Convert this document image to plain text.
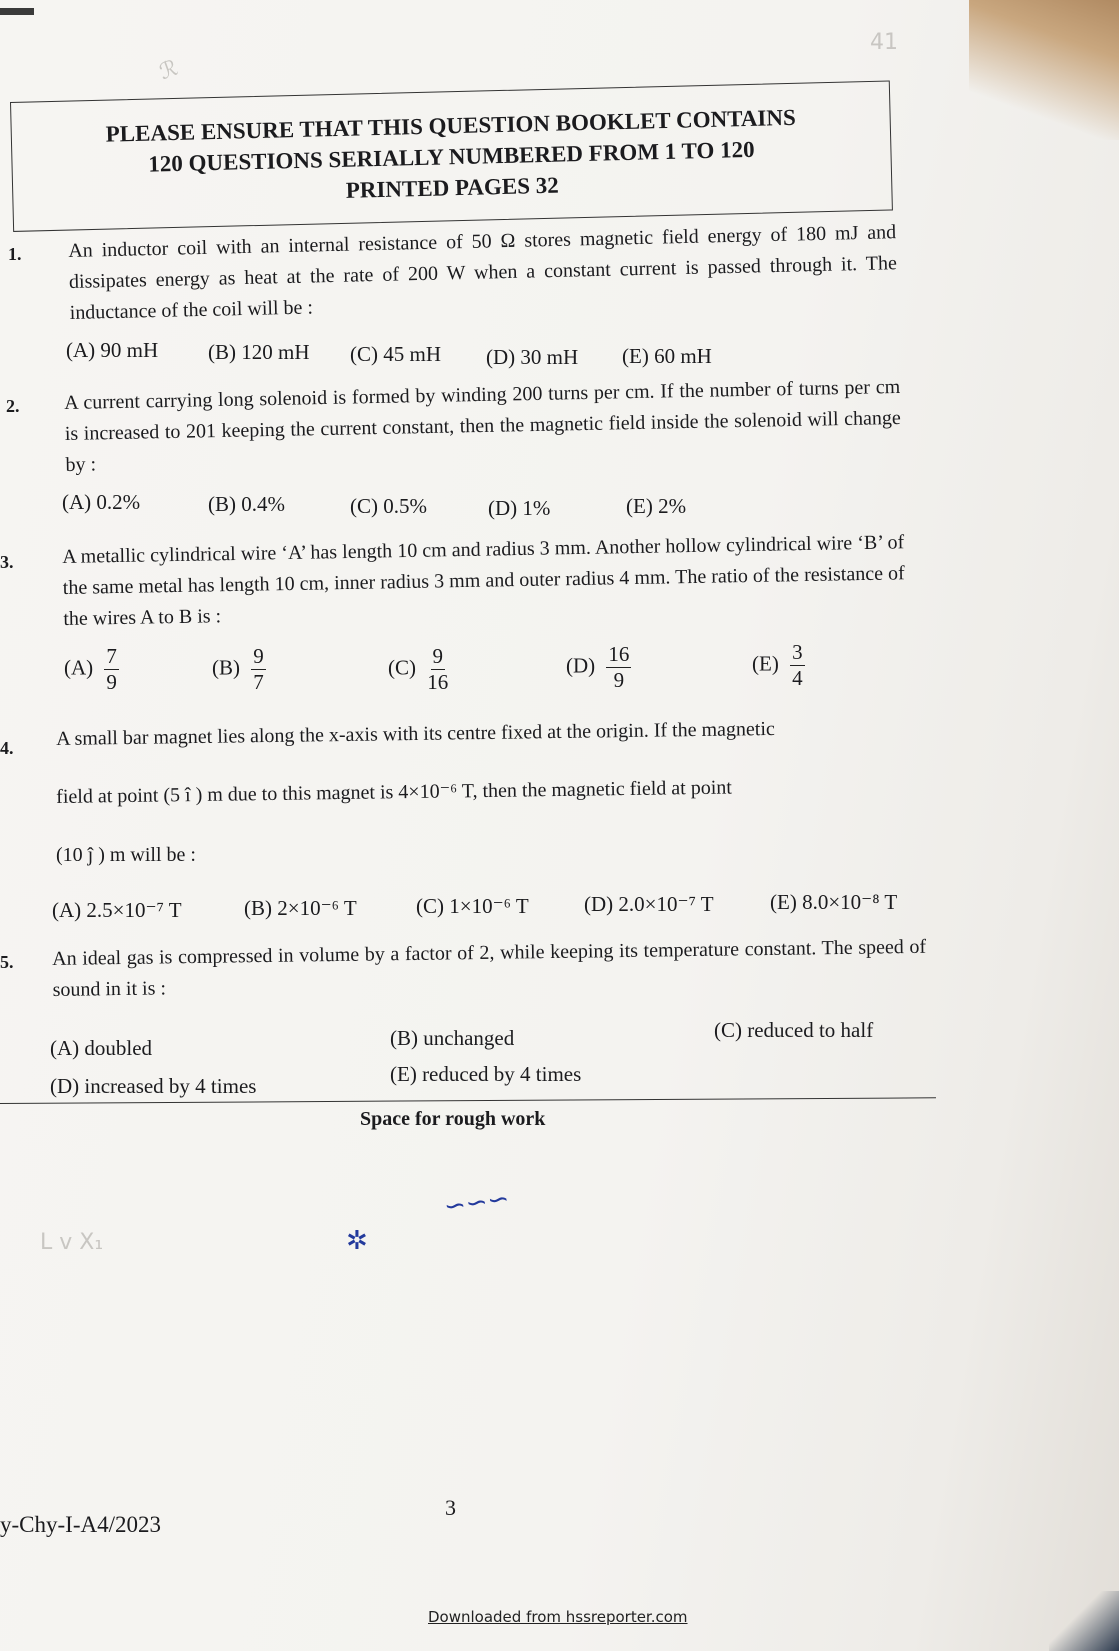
ℛ
41
L v X₁
PLEASE ENSURE THAT THIS QUESTION BOOKLET CONTAINS
120 QUESTIONS SERIALLY NUMBERED FROM 1 TO 120
PRINTED PAGES 32
1. An inductor coil with an internal resistance of 50 Ω stores magnetic field energy of 180 mJ and dissipates energy as heat at the rate of 200 W when a constant current is passed through it. The inductance of the coil will be :
(A) 90 mH (B) 120 mH (C) 45 mH (D) 30 mH (E) 60 mH
2. A current carrying long solenoid is formed by winding 200 turns per cm. If the number of turns per cm is increased to 201 keeping the current constant, then the magnetic field inside the solenoid will change by :
(A) 0.2%	(B) 0.4%	(C) 0.5%	(D) 1%	(E) 2%
3. A metallic cylindrical wire ‘A’ has length 10 cm and radius 3 mm. Another hollow cylindrical wire ‘B’ of the same metal has length 10 cm, inner radius 3 mm and outer radius 4 mm. The ratio of the resistance of the wires A to B is :
$(A) \frac{7}{9}$	$(B) \frac{9}{7}$	$(C) \frac{9}{16}$	$(D) \frac{16}{9}$	$(E) \frac{3}{4}$
4. A small bar magnet lies along the x-axis with its centre fixed at the origin. If the magnetic
field at point (5 î ) m due to this magnet is 4×10⁻⁶ T, then the magnetic field at point
(10 ĵ ) m will be :
(A) 2.5×10⁻⁷ T	(B) 2×10⁻⁶ T	(C) 1×10⁻⁶ T	(D) 2.0×10⁻⁷ T	(E) 8.0×10⁻⁸ T
5. An ideal gas is compressed in volume by a factor of 2, while keeping its temperature constant. The speed of sound in it is :
(A) doubled	(B) unchanged	(C) reduced to half
(D) increased by 4 times	(E) reduced by 4 times
Space for rough work
∽∽∽
✲
3
y-Chy-I-A4/2023
Downloaded from hssreporter.com
